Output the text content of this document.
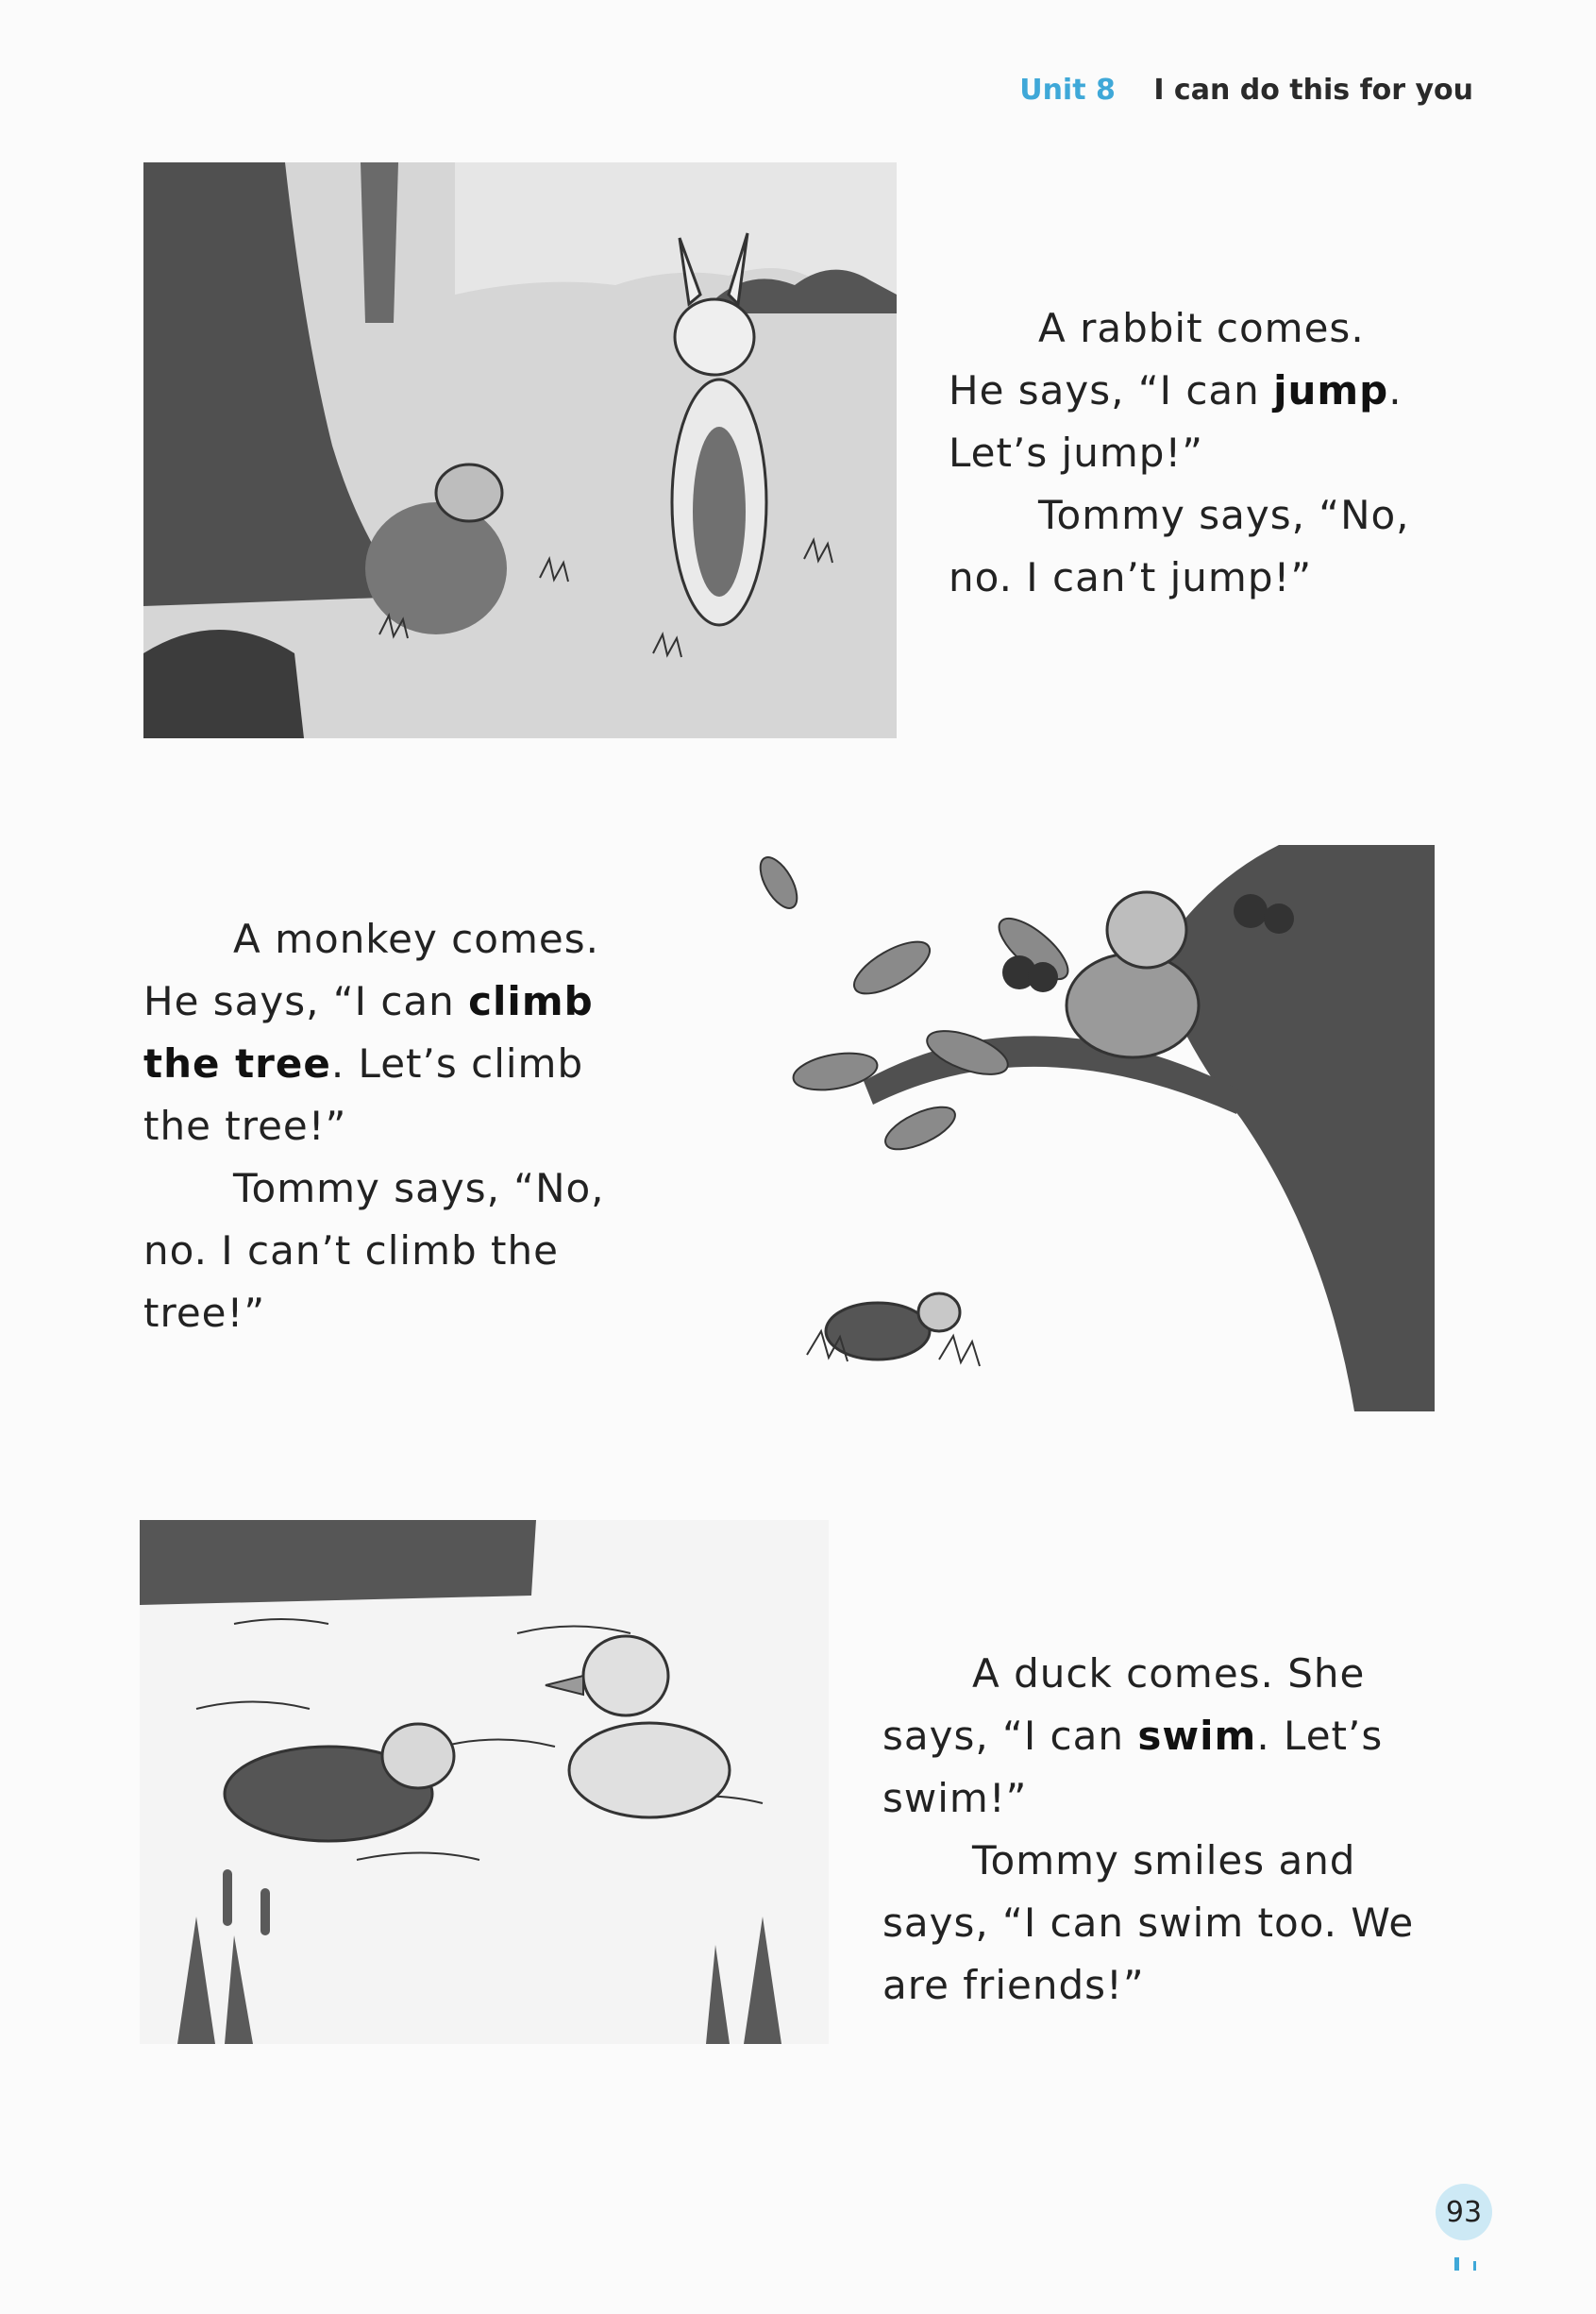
Unit 8 I can do this for you

A rabbit comes.

He says, “I can jump. Let’s jump!”

Tommy says, “No, no. I can’t jump!”

A monkey comes.

He says, “I can climb the tree. Let’s climb the tree!”

Tommy says, “No, no. I can’t climb the tree!”

A duck comes. She says, “I can swim. Let’s swim!”

Tommy smiles and says, “I can swim too. We are friends!”

93
